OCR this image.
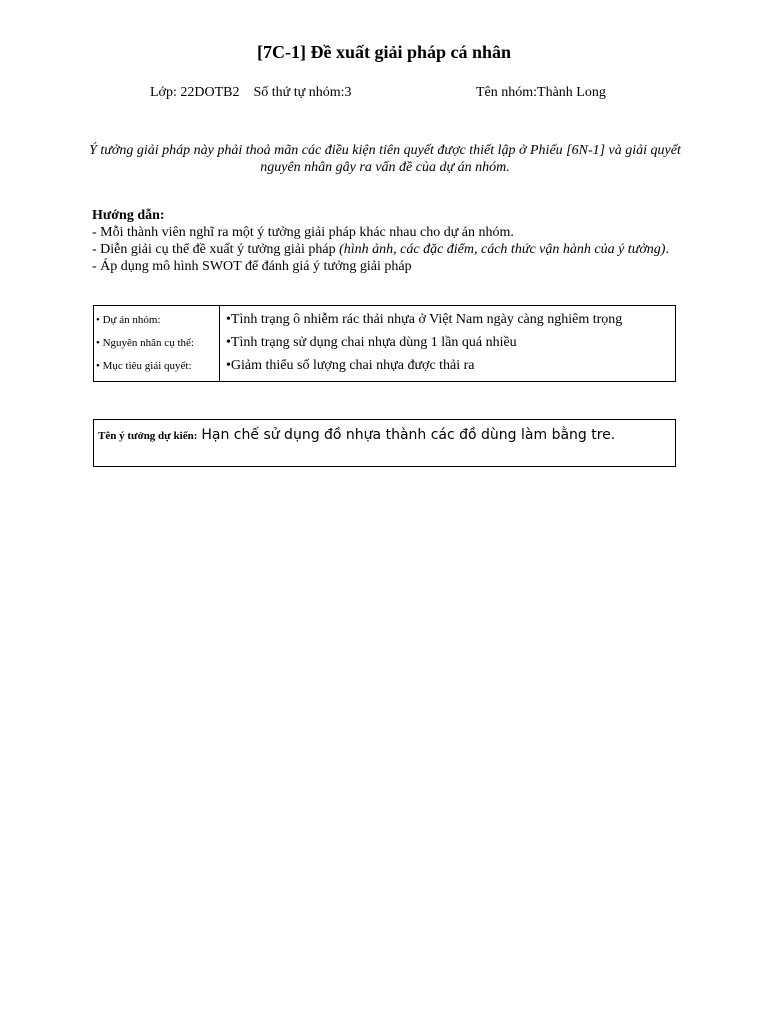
[7C-1] Đề xuất giải pháp cá nhân
Lớp: 22DOTB2 Số thứ tự nhóm:3	Tên nhóm:Thành Long
Ý tưởng giải pháp này phải thoả mãn các điều kiện tiên quyết được thiết lập ở Phiếu [6N-1] và giải quyết nguyên nhân gây ra vấn đề của dự án nhóm.
Hướng dẫn:
- Mỗi thành viên nghĩ ra một ý tưởng giải pháp khác nhau cho dự án nhóm.
- Diễn giải cụ thể đề xuất ý tưởng giải pháp (hình ảnh, các đặc điểm, cách thức vận hành của ý tưởng).
- Áp dụng mô hình SWOT để đánh giá ý tưởng giải pháp
• Dự án nhóm:
• Nguyên nhân cụ thể:
• Mục tiêu giải quyết:
•Tình trạng ô nhiễm rác thải nhựa ở Việt Nam ngày càng nghiêm trọng
•Tình trạng sử dụng chai nhựa dùng 1 lần quá nhiều
•Giảm thiểu số lượng chai nhựa được thải ra
Tên ý tưởng dự kiến: Hạn chế sử dụng đồ nhựa thành các đồ dùng làm bằng tre.
